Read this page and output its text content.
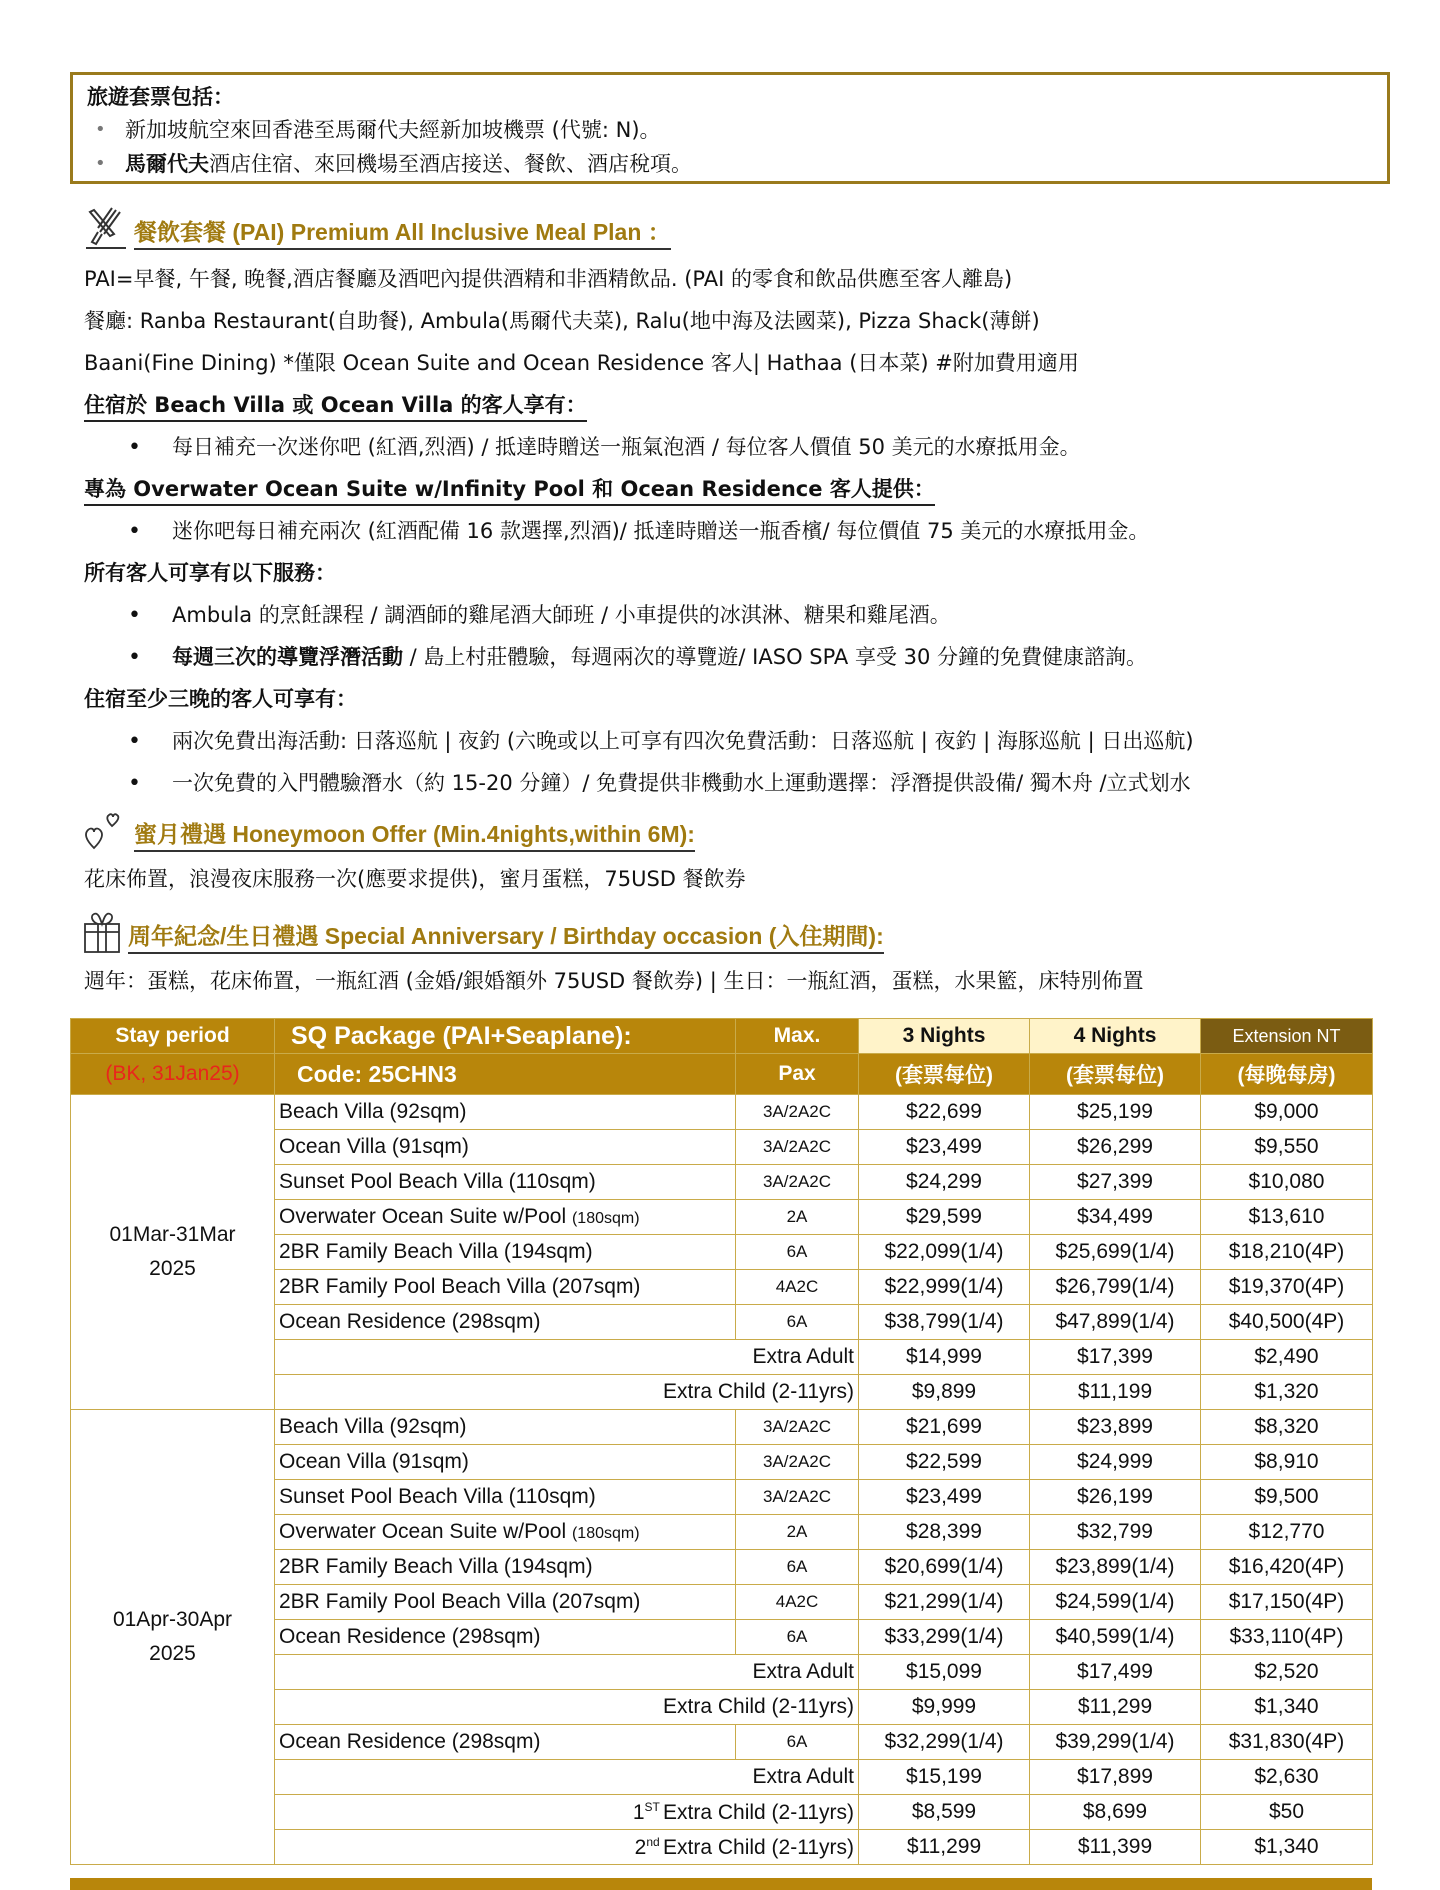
旅遊套票包括：
• 新加坡航空來回香港至馬爾代夫經新加坡機票 (代號: N)。
• 馬爾代夫酒店住宿、來回機場至酒店接送、餐飲、酒店稅項。
餐飲套餐 (PAI) Premium All Inclusive Meal Plan ：
PAI=早餐, 午餐, 晚餐,酒店餐廳及酒吧內提供酒精和非酒精飲品. (PAI 的零食和飲品供應至客人離島)
餐廳: Ranba Restaurant(自助餐), Ambula(馬爾代夫菜), Ralu(地中海及法國菜), Pizza Shack(薄餅)
Baani(Fine Dining) *僅限 Ocean Suite and Ocean Residence 客人| Hathaa (日本菜) #附加費用適用
住宿於 Beach Villa 或 Ocean Villa 的客人享有：
• 每日補充一次迷你吧 (紅酒,烈酒) / 抵達時贈送一瓶氣泡酒 / 每位客人價值 50 美元的水療抵用金。
專為 Overwater Ocean Suite w/Infinity Pool 和 Ocean Residence 客人提供：
• 迷你吧每日補充兩次 (紅酒配備 16 款選擇,烈酒)/ 抵達時贈送一瓶香檳/ 每位價值 75 美元的水療抵用金。
所有客人可享有以下服務：
• Ambula 的烹飪課程 / 調酒師的雞尾酒大師班 / 小車提供的冰淇淋、糖果和雞尾酒。
• 每週三次的導覽浮潛活動 / 島上村莊體驗，每週兩次的導覽遊/ IASO SPA 享受 30 分鐘的免費健康諮詢。
住宿至少三晚的客人可享有：
• 兩次免費出海活動: 日落巡航 | 夜釣 (六晚或以上可享有四次免費活動：日落巡航 | 夜釣 | 海豚巡航 | 日出巡航)
• 一次免費的入門體驗潛水（約 15-20 分鐘）/ 免費提供非機動水上運動選擇：浮潛提供設備/ 獨木舟 /立式划水
蜜月禮遇 Honeymoon Offer (Min.4nights,within 6M):
花床佈置，浪漫夜床服務一次(應要求提供)，蜜月蛋糕，75USD 餐飲券
周年紀念/生日禮遇 Special Anniversary / Birthday occasion (入住期間):
週年：蛋糕，花床佈置，一瓶紅酒 (金婚/銀婚額外 75USD 餐飲券) | 生日：一瓶紅酒，蛋糕，水果籃，床特別佈置
Stay period	SQ Package (PAI+Seaplane):	Max.	3 Nights	4 Nights	Extension NT
(BK, 31Jan25)	Code: 25CHN3	Pax	(套票每位)	(套票每位)	(每晚每房)

01Mar-31Mar
2025	Beach Villa (92sqm)	3A/2A2C	$22,699	$25,199	$9,000
	Ocean Villa (91sqm)	3A/2A2C	$23,499	$26,299	$9,550
	Sunset Pool Beach Villa (110sqm)	3A/2A2C	$24,299	$27,399	$10,080
	Overwater Ocean Suite w/Pool (180sqm)	2A	$29,599	$34,499	$13,610
	2BR Family Beach Villa (194sqm)	6A	$22,099(1/4)	$25,699(1/4)	$18,210(4P)
	2BR Family Pool Beach Villa (207sqm)	4A2C	$22,999(1/4)	$26,799(1/4)	$19,370(4P)
	Ocean Residence (298sqm)	6A	$38,799(1/4)	$47,899(1/4)	$40,500(4P)
	Extra Adult		$14,999	$17,399	$2,490
	Extra Child (2-11yrs)		$9,899	$11,199	$1,320

01Apr-30Apr
2025	Beach Villa (92sqm)	3A/2A2C	$21,699	$23,899	$8,320
	Ocean Villa (91sqm)	3A/2A2C	$22,599	$24,999	$8,910
	Sunset Pool Beach Villa (110sqm)	3A/2A2C	$23,499	$26,199	$9,500
	Overwater Ocean Suite w/Pool (180sqm)	2A	$28,399	$32,799	$12,770
	2BR Family Beach Villa (194sqm)	6A	$20,699(1/4)	$23,899(1/4)	$16,420(4P)
	2BR Family Pool Beach Villa (207sqm)	4A2C	$21,299(1/4)	$24,599(1/4)	$17,150(4P)
	Ocean Residence (298sqm)	6A	$33,299(1/4)	$40,599(1/4)	$33,110(4P)
	Extra Adult		$15,099	$17,499	$2,520
	Extra Child (2-11yrs)		$9,999	$11,299	$1,340
	Ocean Residence (298sqm)	6A	$32,299(1/4)	$39,299(1/4)	$31,830(4P)
	Extra Adult		$15,199	$17,899	$2,630
	1ST Extra Child (2-11yrs)		$8,599	$8,699	$50
	2nd Extra Child (2-11yrs)		$11,299	$11,399	$1,340
